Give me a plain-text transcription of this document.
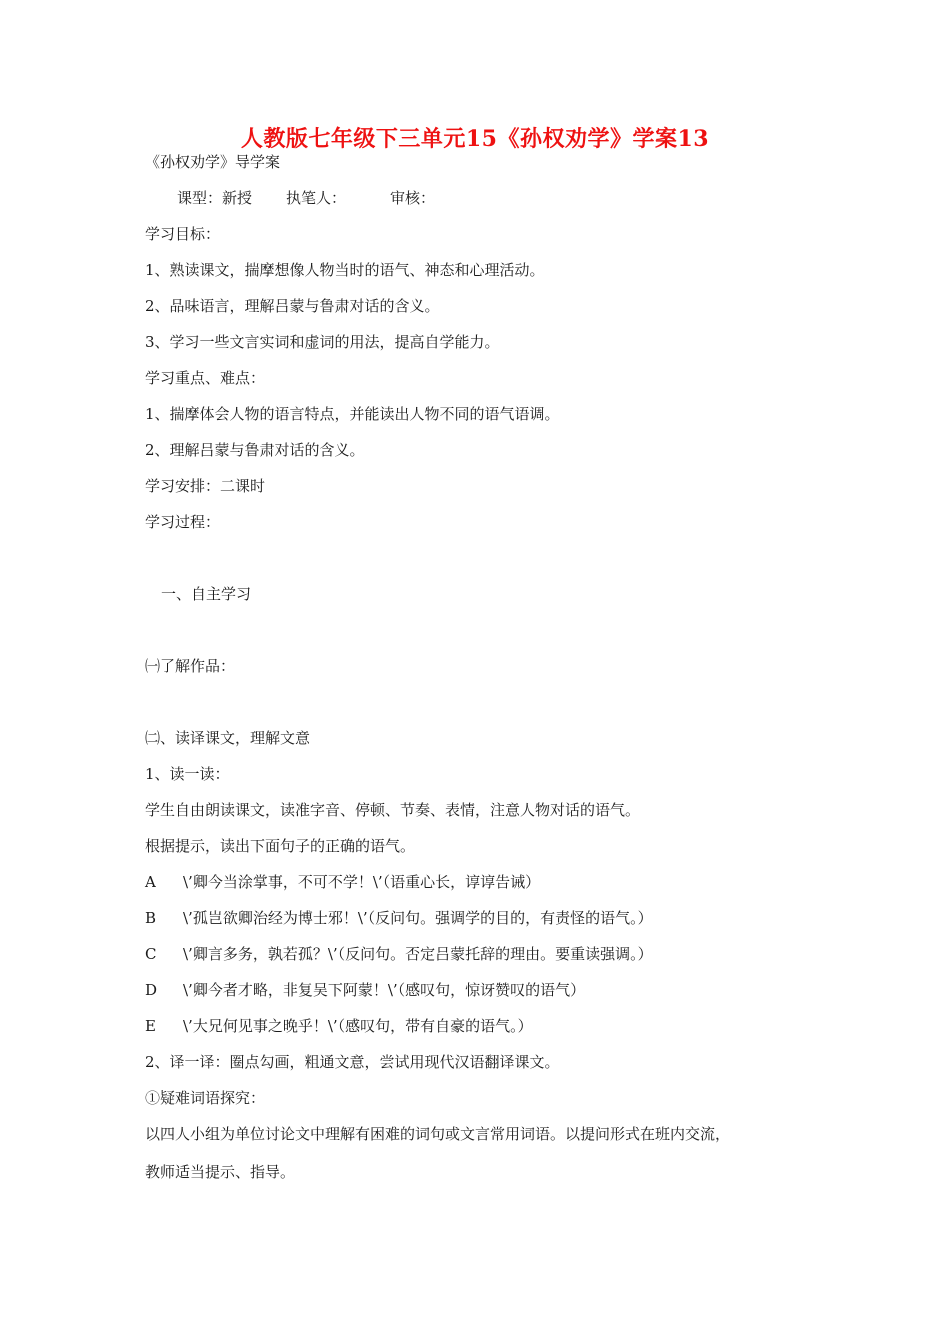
人教版七年级下三单元15《孙权劝学》学案13
《孙权劝学》导学案
课型：新授 执笔人：	审核：
学习目标：
1、熟读课文，揣摩想像人物当时的语气、神态和心理活动。
2、品味语言，理解吕蒙与鲁肃对话的含义。
3、学习一些文言实词和虚词的用法，提高自学能力。
学习重点、难点：
1、揣摩体会人物的语言特点，并能读出人物不同的语气语调。
2、理解吕蒙与鲁肃对话的含义。
学习安排：二课时
学习过程：
一、自主学习
㈠了解作品：
㈡、读译课文，理解文意
1、读一读：
学生自由朗读课文，读准字音、停顿、节奏、表情，注意人物对话的语气。
根据提示，读出下面句子的正确的语气。
A \’卿今当涂掌事，不可不学！\’（语重心长，谆谆告诫）
B \’孤岂欲卿治经为博士邪！\’（反问句。强调学的目的，有责怪的语气。）
C \’卿言多务，孰若孤？\’（反问句。否定吕蒙托辞的理由。要重读强调。）
D \’卿今者才略，非复吴下阿蒙！\’（感叹句，惊讶赞叹的语气）
E \’大兄何见事之晚乎！\’（感叹句，带有自豪的语气。）
2、译一译：圈点勾画，粗通文意，尝试用现代汉语翻译课文。
①疑难词语探究：
以四人小组为单位讨论文中理解有困难的词句或文言常用词语。以提问形式在班内交流，
教师适当提示、指导。
